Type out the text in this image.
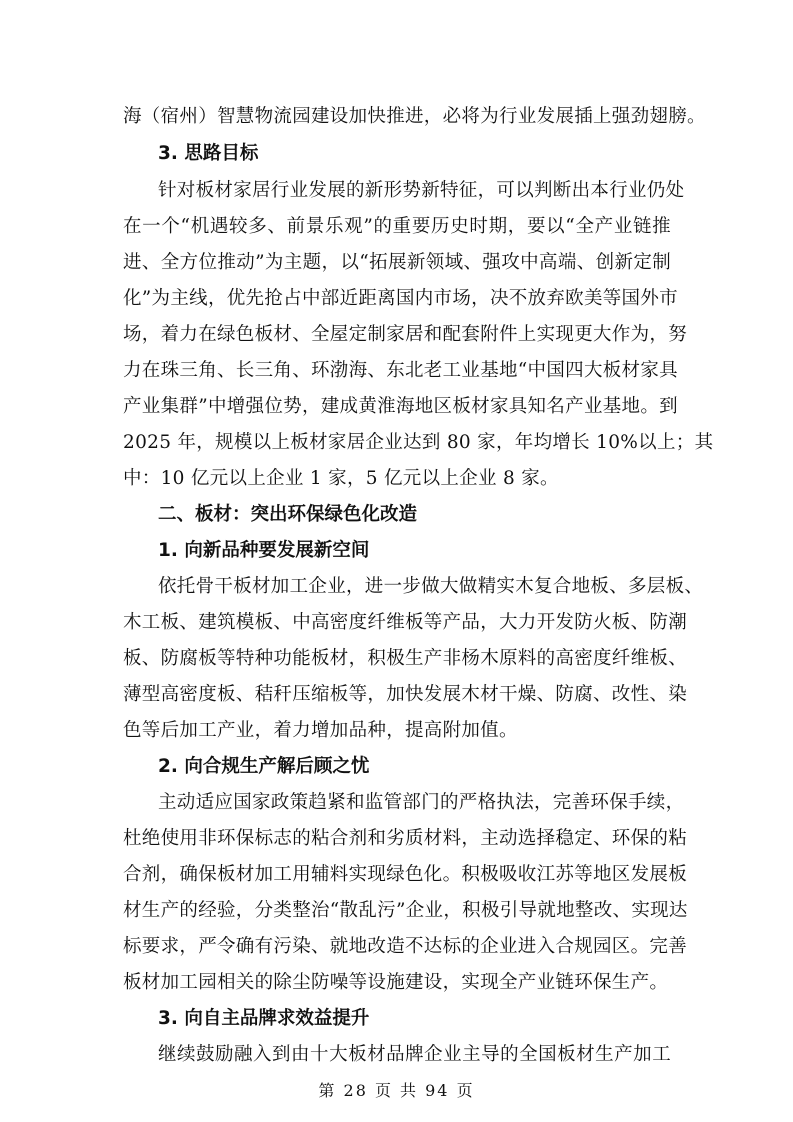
海（宿州）智慧物流园建设加快推进，必将为行业发展插上强劲翅膀。
3. 思路目标
针对板材家居行业发展的新形势新特征，可以判断出本行业仍处
在一个“机遇较多、前景乐观”的重要历史时期，要以“全产业链推
进、全方位推动”为主题，以“拓展新领域、强攻中高端、创新定制
化”为主线，优先抢占中部近距离国内市场，决不放弃欧美等国外市
场，着力在绿色板材、全屋定制家居和配套附件上实现更大作为，努
力在珠三角、长三角、环渤海、东北老工业基地“中国四大板材家具
产业集群”中增强位势，建成黄淮海地区板材家具知名产业基地。到
2025 年，规模以上板材家居企业达到 80 家，年均增长 10%以上；其
中：10 亿元以上企业 1 家，5 亿元以上企业 8 家。
二、板材：突出环保绿色化改造
1. 向新品种要发展新空间
依托骨干板材加工企业，进一步做大做精实木复合地板、多层板、
木工板、建筑模板、中高密度纤维板等产品，大力开发防火板、防潮
板、防腐板等特种功能板材，积极生产非杨木原料的高密度纤维板、
薄型高密度板、秸秆压缩板等，加快发展木材干燥、防腐、改性、染
色等后加工产业，着力增加品种，提高附加值。
2. 向合规生产解后顾之忧
主动适应国家政策趋紧和监管部门的严格执法，完善环保手续，
杜绝使用非环保标志的粘合剂和劣质材料，主动选择稳定、环保的粘
合剂，确保板材加工用辅料实现绿色化。积极吸收江苏等地区发展板
材生产的经验，分类整治“散乱污”企业，积极引导就地整改、实现达
标要求，严令确有污染、就地改造不达标的企业进入合规园区。完善
板材加工园相关的除尘防噪等设施建设，实现全产业链环保生产。
3. 向自主品牌求效益提升
继续鼓励融入到由十大板材品牌企业主导的全国板材生产加工
第 28 页 共 94 页
